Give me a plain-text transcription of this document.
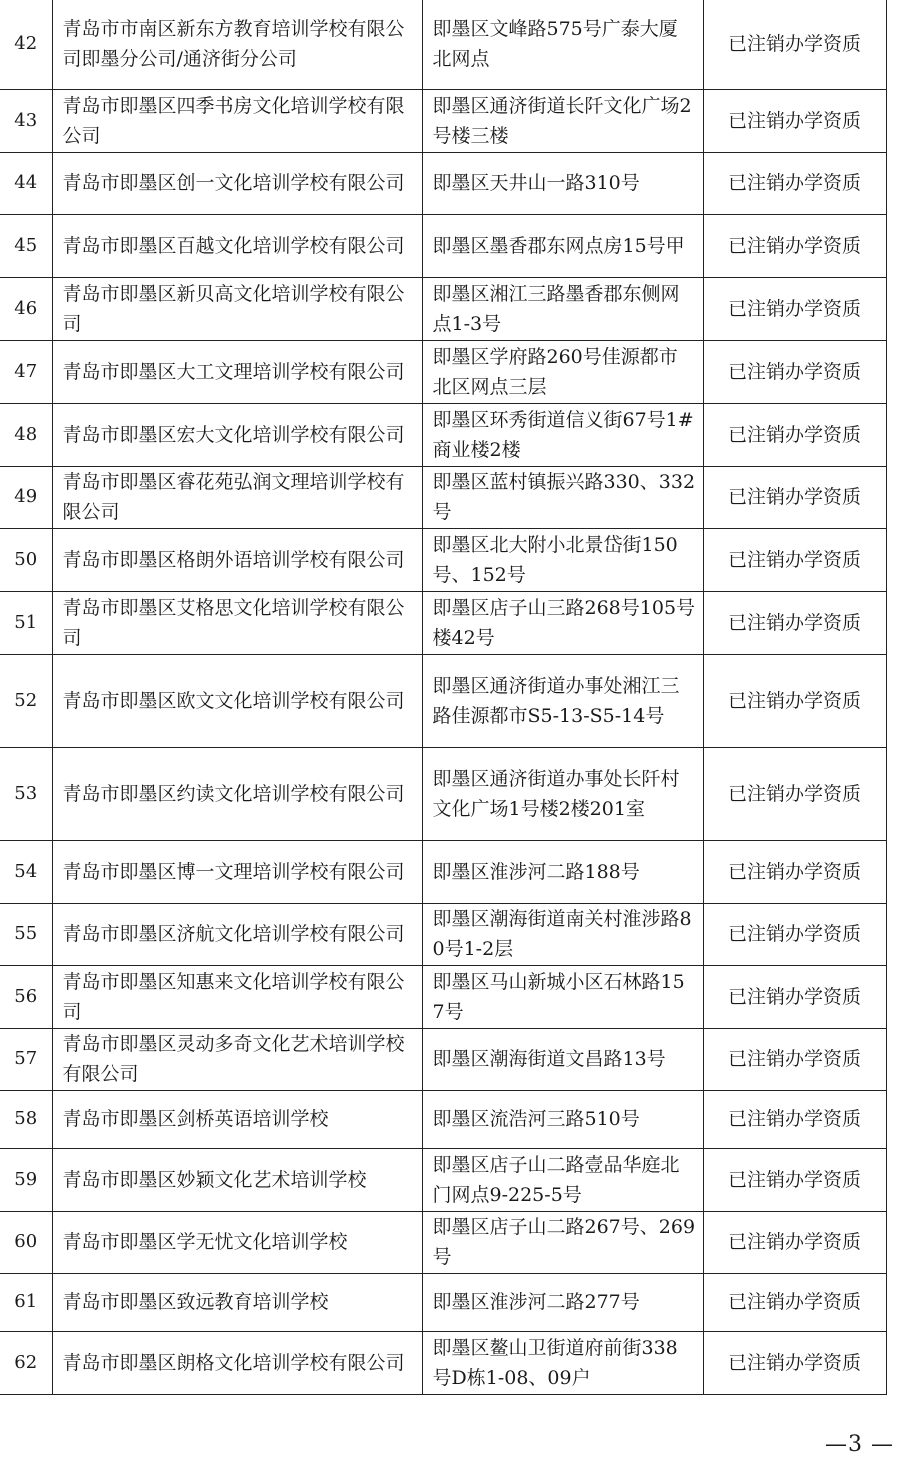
42	青岛市市南区新东方教育培训学校有限公司即墨分公司/通济街分公司	即墨区文峰路575号广泰大厦北网点	已注销办学资质
43	青岛市即墨区四季书房文化培训学校有限公司	即墨区通济街道长阡文化广场2号楼三楼	已注销办学资质
44	青岛市即墨区创一文化培训学校有限公司	即墨区天井山一路310号	已注销办学资质
45	青岛市即墨区百越文化培训学校有限公司	即墨区墨香郡东网点房15号甲	已注销办学资质
46	青岛市即墨区新贝高文化培训学校有限公司	即墨区湘江三路墨香郡东侧网点1-3号	已注销办学资质
47	青岛市即墨区大工文理培训学校有限公司	即墨区学府路260号佳源都市北区网点三层	已注销办学资质
48	青岛市即墨区宏大文化培训学校有限公司	即墨区环秀街道信义街67号1#商业楼2楼	已注销办学资质
49	青岛市即墨区睿花苑弘润文理培训学校有限公司	即墨区蓝村镇振兴路330、332号	已注销办学资质
50	青岛市即墨区格朗外语培训学校有限公司	即墨区北大附小北景岱街150号、152号	已注销办学资质
51	青岛市即墨区艾格思文化培训学校有限公司	即墨区店子山三路268号105号楼42号	已注销办学资质
52	青岛市即墨区欧文文化培训学校有限公司	即墨区通济街道办事处湘江三路佳源都市S5-13-S5-14号	已注销办学资质
53	青岛市即墨区约读文化培训学校有限公司	即墨区通济街道办事处长阡村文化广场1号楼2楼201室	已注销办学资质
54	青岛市即墨区博一文理培训学校有限公司	即墨区淮涉河二路188号	已注销办学资质
55	青岛市即墨区济航文化培训学校有限公司	即墨区潮海街道南关村淮涉路80号1-2层	已注销办学资质
56	青岛市即墨区知惠来文化培训学校有限公司	即墨区马山新城小区石林路157号	已注销办学资质
57	青岛市即墨区灵动多奇文化艺术培训学校有限公司	即墨区潮海街道文昌路13号	已注销办学资质
58	青岛市即墨区剑桥英语培训学校	即墨区流浩河三路510号	已注销办学资质
59	青岛市即墨区妙颖文化艺术培训学校	即墨区店子山二路壹品华庭北门网点9-225-5号	已注销办学资质
60	青岛市即墨区学无忧文化培训学校	即墨区店子山二路267号、269号	已注销办学资质
61	青岛市即墨区致远教育培训学校	即墨区淮涉河二路277号	已注销办学资质
62	青岛市即墨区朗格文化培训学校有限公司	即墨区鳌山卫街道府前街338号D栋1-08、09户	已注销办学资质
—3 —
